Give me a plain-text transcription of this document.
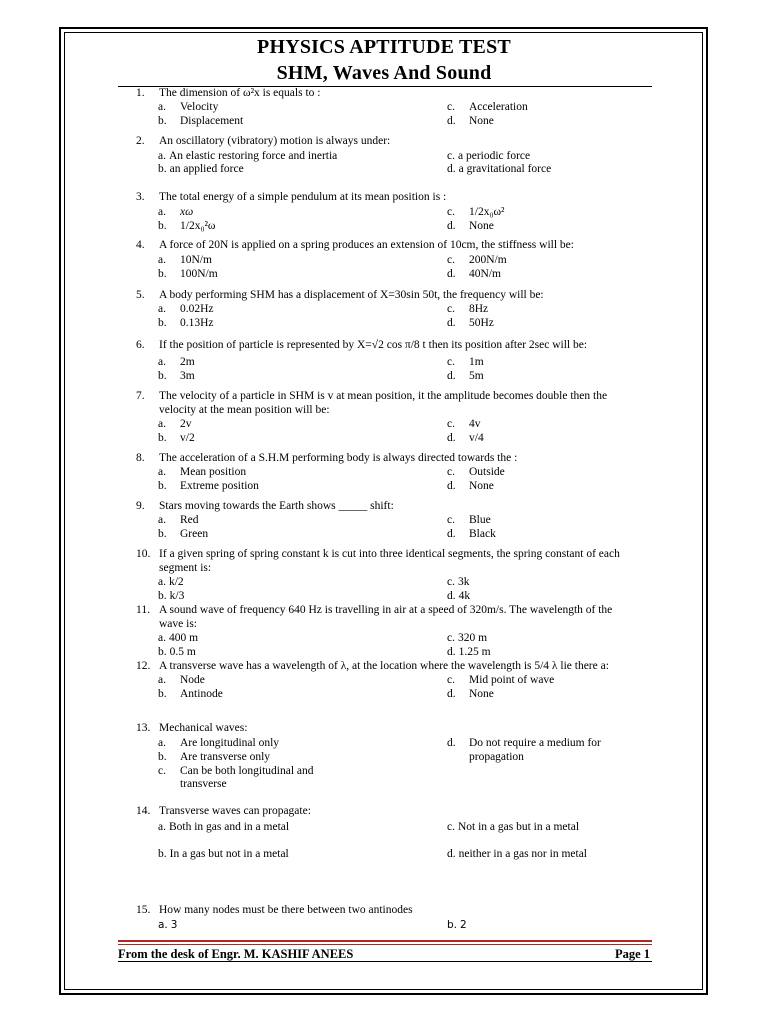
PHYSICS APTITUDE TEST
SHM, Waves And Sound
1.	The dimension of ω²x is equals to :
a. Velocity
b. Displacement
c. Acceleration
d. None
2.	An oscillatory (vibratory) motion is always under:
a. An elastic restoring force and inertia
b. an applied force
c. a periodic force
d. a gravitational force
3.	The total energy of a simple pendulum at its mean position is :
a. xω
b. 1/2x₀²ω
c. 1/2x₀ω²
d. None
4.	A force of 20N is applied on a spring produces an extension of 10cm, the stiffness will be:
a. 10N/m
b. 100N/m
c. 200N/m
d. 40N/m
5.	A body performing SHM has a displacement of X=30sin 50t, the frequency will be:
a. 0.02Hz
b. 0.13Hz
c. 8Hz
d. 50Hz
6.	If the position of particle is represented by X=√2 cos π/8 t then its position after 2sec will be:
a. 2m
b. 3m
c. 1m
d. 5m
7.	The velocity of a particle in SHM is v at mean position, it the amplitude becomes double then the
velocity at the mean position will be:
a. 2v
b. v/2
c. 4v
d. v/4
8.	The acceleration of a S.H.M performing body is always directed towards the :
a. Mean position
b. Extreme position
c. Outside
d. None
9.	Stars moving towards the Earth shows _____ shift:
a. Red
b. Green
c. Blue
d. Black
10. If a given spring of spring constant k is cut into three identical segments, the spring constant of each
segment is:
a. k/2
b. k/3
c. 3k
d. 4k
11. A sound wave of frequency 640 Hz is travelling in air at a speed of 320m/s. The wavelength of the
wave is:
a. 400 m
b. 0.5 m
c. 320 m
d. 1.25 m
12. A transverse wave has a wavelength of λ, at the location where the wavelength is 5/4 λ lie there a:
a. Node
b. Antinode
c. Mid point of wave
d. None
13. Mechanical waves:
a. Are longitudinal only
b. Are transverse only
c. Can be both longitudinal and
transverse
d. Do not require a medium for
propagation
14. Transverse waves can propagate:
a. Both in gas and in a metal
b. In a gas but not in a metal
c. Not in a gas but in a metal
d. neither in a gas nor in metal
15. How many nodes must be there between two antinodes
a. 3	b. 2
From the desk of Engr. M. KASHIF ANEES	Page 1
